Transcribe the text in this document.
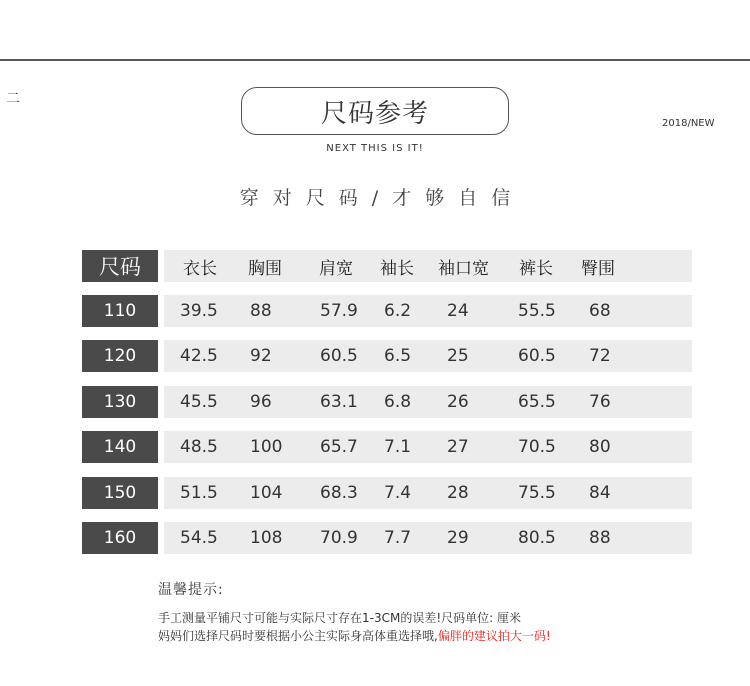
二	尺码参考
NEXT THIS IS IT!
2018/NEW
穿对尺码/才够自信
尺码	衣长 胸围 肩宽 袖长 袖口宽 裤长 臀围
110	39.5 88	57.9 6.2 24	55.5 68
120	42.5 92	60.5 6.5 25	60.5 72
130	45.5 96	63.1 6.8 26	65.5 76
140	48.5 100 65.7 7.1 27	70.5 80
150	51.5 104 68.3 7.4 28	75.5 84
160	54.5 108 70.9 7.7 29	80.5 88
温馨提示:
手工测量平铺尺寸可能与实际尺寸存在1-3CM的误差!尺码单位: 厘米
妈妈们选择尺码时要根据小公主实际身高体重选择哦,偏胖的建议拍大一码!
